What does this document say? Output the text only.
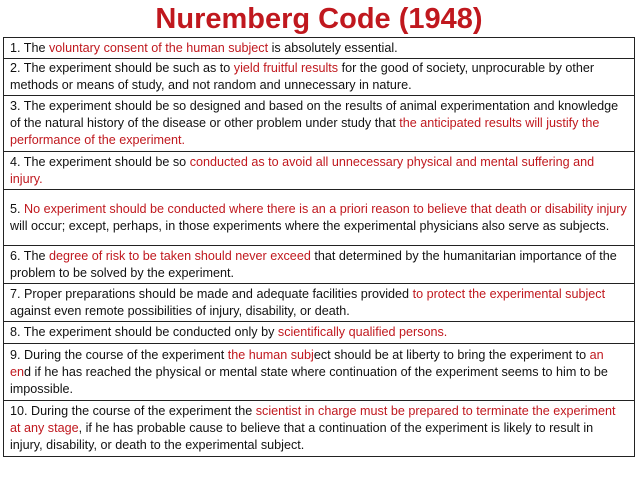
Nuremberg Code (1948)

1. The voluntary consent of the human subject is absolutely essential.

2. The experiment should be such as to yield fruitful results for the good of society, unprocurable by other methods or means of study, and not random and unnecessary in nature.

3. The experiment should be so designed and based on the results of animal experimentation and knowledge of the natural history of the disease or other problem under study that the anticipated results will justify the performance of the experiment.

4. The experiment should be so conducted as to avoid all unnecessary physical and mental suffering and injury.

5. No experiment should be conducted where there is an a priori reason to believe that death or disability injury will occur; except, perhaps, in those experiments where the experimental physicians also serve as subjects.

6. The degree of risk to be taken should never exceed that determined by the humanitarian importance of the problem to be solved by the experiment.

7. Proper preparations should be made and adequate facilities provided to protect the experimental subject against even remote possibilities of injury, disability, or death.

8. The experiment should be conducted only by scientifically qualified persons.

9. During the course of the experiment the human subject should be at liberty to bring the experiment to an end if he has reached the physical or mental state where continuation of the experiment seems to him to be impossible.

10. During the course of the experiment the scientist in charge must be prepared to terminate the experiment at any stage, if he has probable cause to believe that a continuation of the experiment is likely to result in injury, disability, or death to the experimental subject.
